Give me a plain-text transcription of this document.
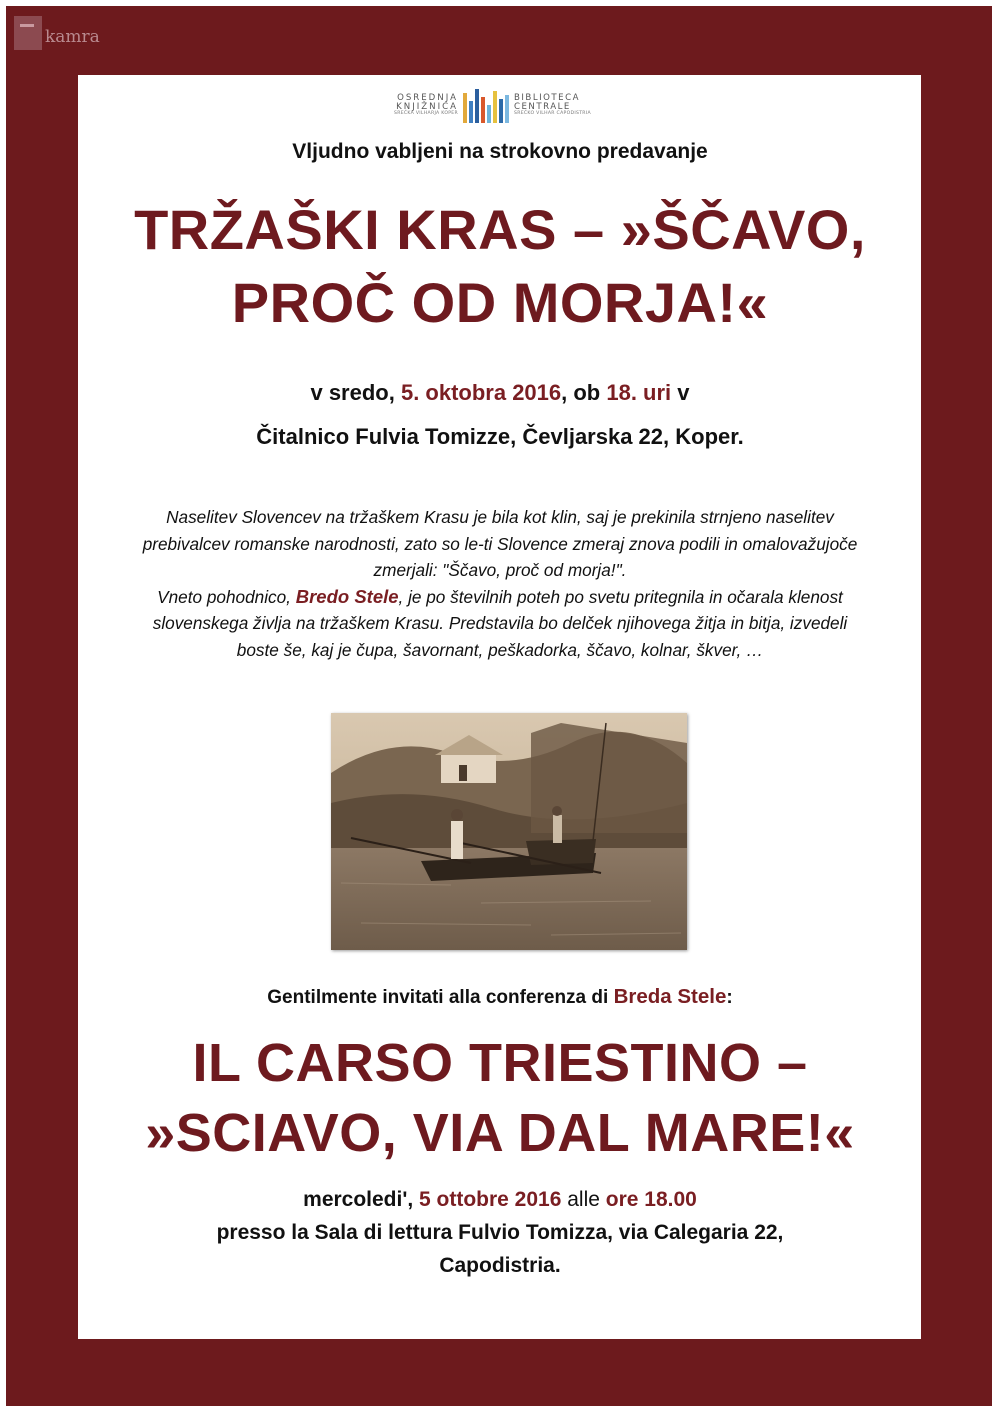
kamra
OSREDNJA
KNJIŽNICA
SREČKA VILHARJA KOPER
BIBLIOTECA
CENTRALE
SREČKO VILHAR CAPODISTRIA
Vljudno vabljeni na strokovno predavanje
TRŽAŠKI KRAS – »ŠČAVO,
PROČ OD MORJA!«
v sredo, 5. oktobra 2016, ob 18. uri v
Čitalnico Fulvia Tomizze, Čevljarska 22, Koper.
Naselitev Slovencev na tržaškem Krasu je bila kot klin, saj je prekinila strnjeno naselitev
prebivalcev romanske narodnosti, zato so le-ti Slovence zmeraj znova podili in omalovažujoče
zmerjali: "Ščavo, proč od morja!".
Vneto pohodnico, Bredo Stele, je po številnih poteh po svetu pritegnila in očarala klenost
slovenskega življa na tržaškem Krasu. Predstavila bo delček njihovega žitja in bitja, izvedeli
boste še, kaj je čupa, šavornant, peškadorka, ščavo, kolnar, škver, …
Gentilmente invitati alla conferenza di Breda Stele:
IL CARSO TRIESTINO –
»SCIAVO, VIA DAL MARE!«
mercoledi', 5 ottobre 2016 alle ore 18.00
presso la Sala di lettura Fulvio Tomizza, via Calegaria 22,
Capodistria.
